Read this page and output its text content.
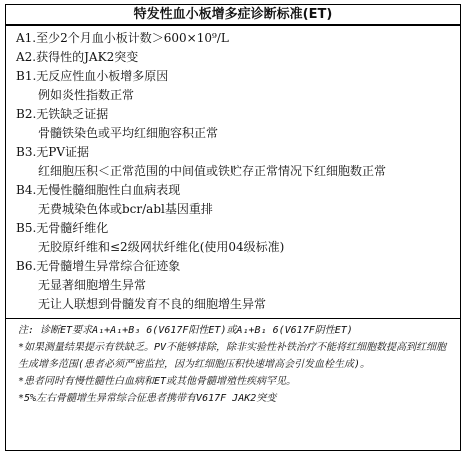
特发性血小板增多症诊断标准(ET)
A1.至少2个月血小板计数＞600×10⁹/L
A2.获得性的JAK2突变
B1.无反应性血小板增多原因
例如炎性指数正常
B2.无铁缺乏证据
骨髓铁染色或平均红细胞容积正常
B3.无PV证据
红细胞压积＜正常范围的中间值或铁贮存正常情况下红细胞数正常
B4.无慢性髓细胞性白血病表现
无费城染色体或bcr/abl基因重排
B5.无骨髓纤维化
无胶原纤维和≤2级网状纤维化(使用04级标准)
B6.无骨髓增生异常综合征迹象
无显著细胞增生异常
无让人联想到骨髓发育不良的细胞增生异常
注: 诊断ET要求A₁+A₁+B₃ 6(V617F阳性ET)或A₁+B₁ 6(V617F阴性ET)
*如果测量结果提示有铁缺乏。PV不能够排除，除非实验性补铁治疗不能将红细胞数提高到红细胞生成增多范围(患者必须严密监控，因为红细胞压积快速增高会引发血栓生成)。
*患者同时有慢性髓性白血病和ET或其他骨髓增殖性疾病罕见。
*5%左右骨髓增生异常综合征患者携带有V617F JAK2突变
